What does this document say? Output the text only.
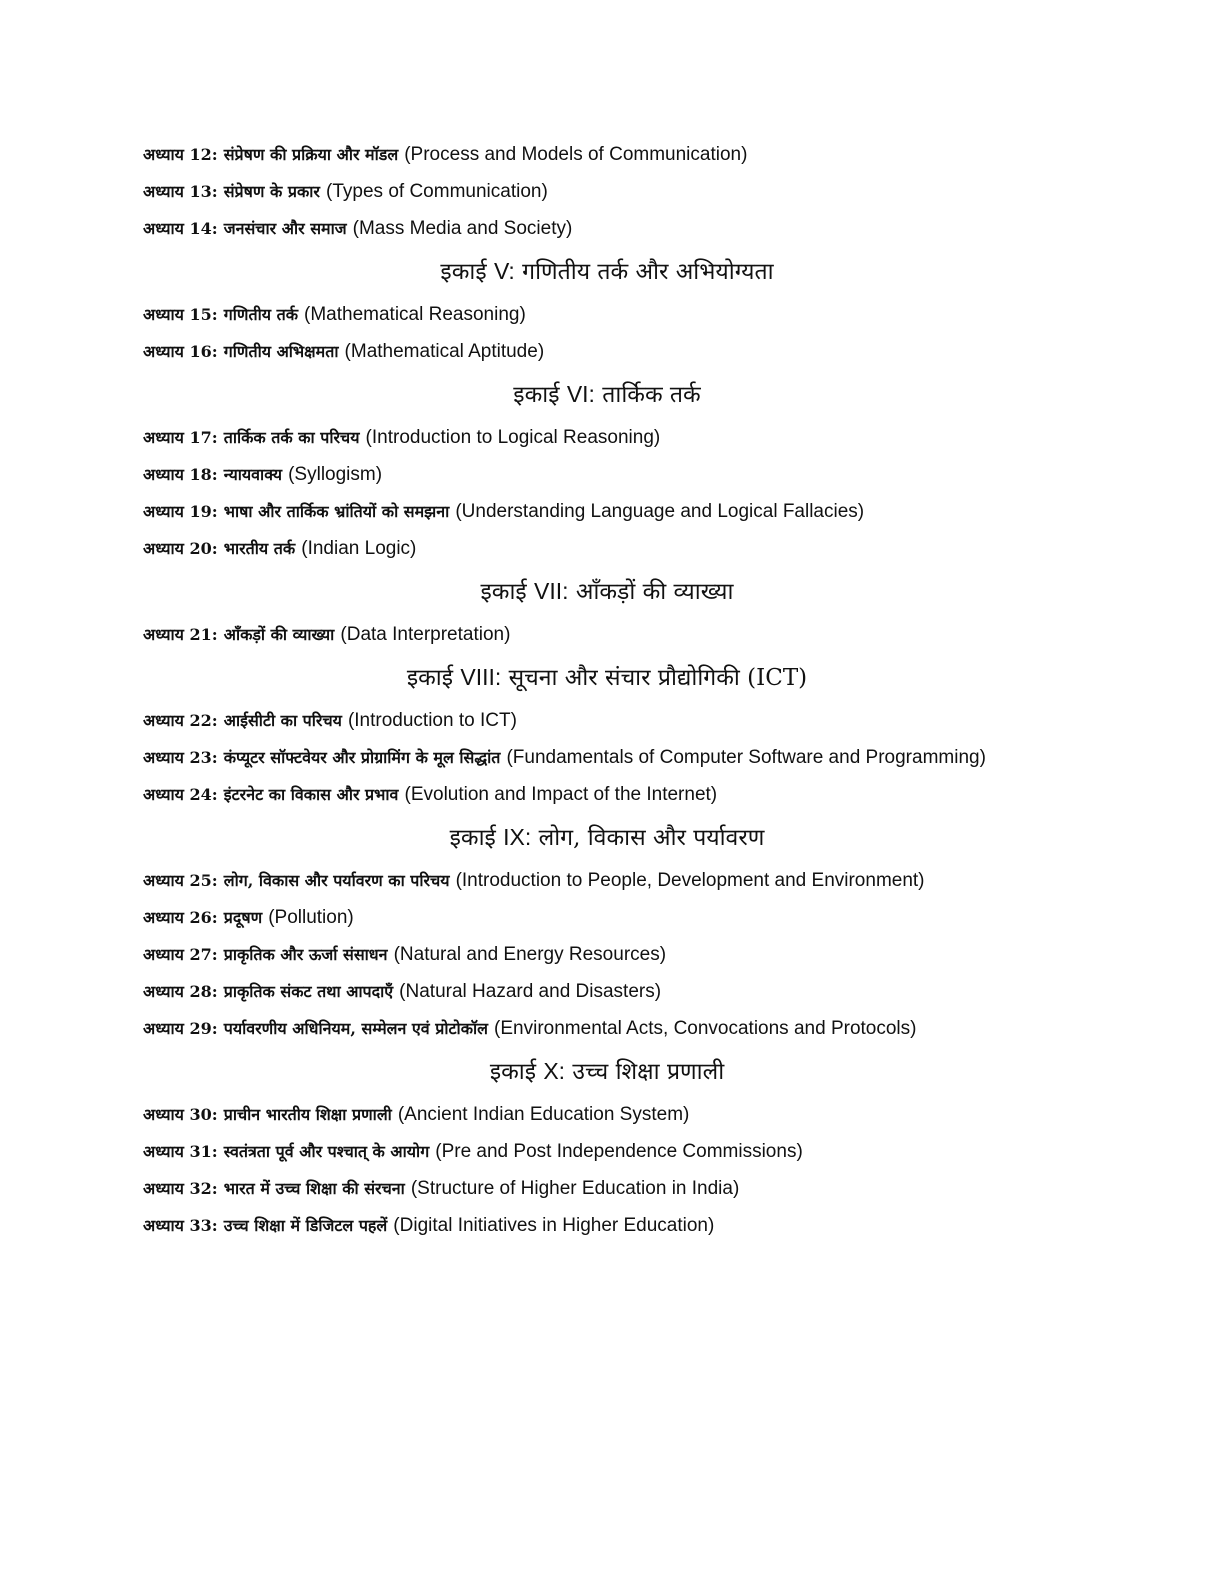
अध्याय 12: संप्रेषण की प्रक्रिया और मॉडल (Process and Models of Communication)
अध्याय 13: संप्रेषण के प्रकार (Types of Communication)
अध्याय 14: जनसंचार और समाज (Mass Media and Society)
इकाई V: गणितीय तर्क और अभियोग्यता
अध्याय 15: गणितीय तर्क (Mathematical Reasoning)
अध्याय 16: गणितीय अभिक्षमता (Mathematical Aptitude)
इकाई VI: तार्किक तर्क
अध्याय 17: तार्किक तर्क का परिचय (Introduction to Logical Reasoning)
अध्याय 18: न्यायवाक्य (Syllogism)
अध्याय 19: भाषा और तार्किक भ्रांतियों को समझना (Understanding Language and Logical Fallacies)
अध्याय 20: भारतीय तर्क (Indian Logic)
इकाई VII: आँकड़ों की व्याख्या
अध्याय 21: आँकड़ों की व्याख्या (Data Interpretation)
इकाई VIII: सूचना और संचार प्रौद्योगिकी (ICT)
अध्याय 22: आईसीटी का परिचय (Introduction to ICT)
अध्याय 23: कंप्यूटर सॉफ्टवेयर और प्रोग्रामिंग के मूल सिद्धांत (Fundamentals of Computer Software and Programming)
अध्याय 24: इंटरनेट का विकास और प्रभाव (Evolution and Impact of the Internet)
इकाई IX: लोग, विकास और पर्यावरण
अध्याय 25: लोग, विकास और पर्यावरण का परिचय (Introduction to People, Development and Environment)
अध्याय 26: प्रदूषण (Pollution)
अध्याय 27: प्राकृतिक और ऊर्जा संसाधन (Natural and Energy Resources)
अध्याय 28: प्राकृतिक संकट तथा आपदाएँ (Natural Hazard and Disasters)
अध्याय 29: पर्यावरणीय अधिनियम, सम्मेलन एवं प्रोटोकॉल (Environmental Acts, Convocations and Protocols)
इकाई X: उच्च शिक्षा प्रणाली
अध्याय 30: प्राचीन भारतीय शिक्षा प्रणाली (Ancient Indian Education System)
अध्याय 31: स्वतंत्रता पूर्व और पश्चात् के आयोग (Pre and Post Independence Commissions)
अध्याय 32: भारत में उच्च शिक्षा की संरचना (Structure of Higher Education in India)
अध्याय 33: उच्च शिक्षा में डिजिटल पहलें (Digital Initiatives in Higher Education)
